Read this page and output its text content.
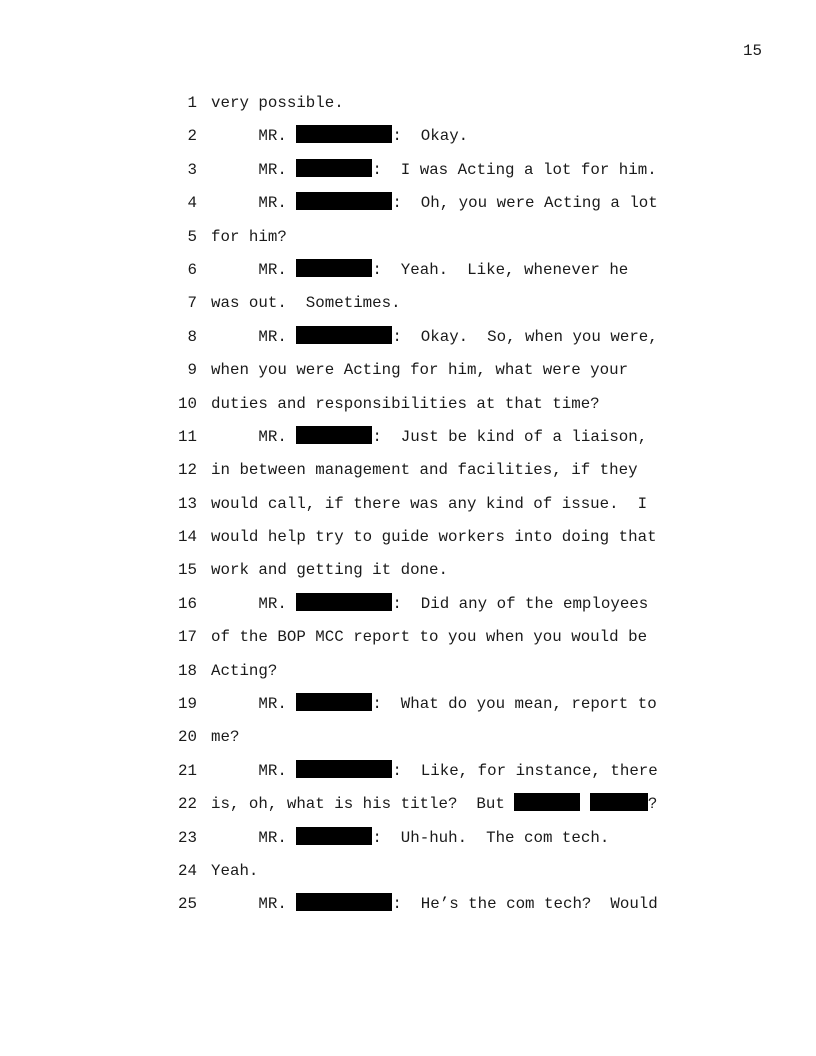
15
1 very possible.
2 MR.	:  Okay.
3 MR.	:  I was Acting a lot for him.
4 MR.	:  Oh, you were Acting a lot
5 for him?
6 MR.	:  Yeah.  Like, whenever he
7 was out.  Sometimes.
8 MR.	:  Okay.  So, when you were,
9 when you were Acting for him, what were your
10 duties and responsibilities at that time?
11 MR.	:  Just be kind of a liaison,
12 in between management and facilities, if they
13 would call, if there was any kind of issue.  I
14 would help try to guide workers into doing that
15 work and getting it done.
16 MR.	:  Did any of the employees
17 of the BOP MCC report to you when you would be
18 Acting?
19 MR.	:  What do you mean, report to
20 me?
21 MR.	:  Like, for instance, there
22 is, oh, what is his title?  But	?
23 MR.	:  Uh-huh.  The com tech.
24 Yeah.
25 MR.	:  He’s the com tech?  Would
